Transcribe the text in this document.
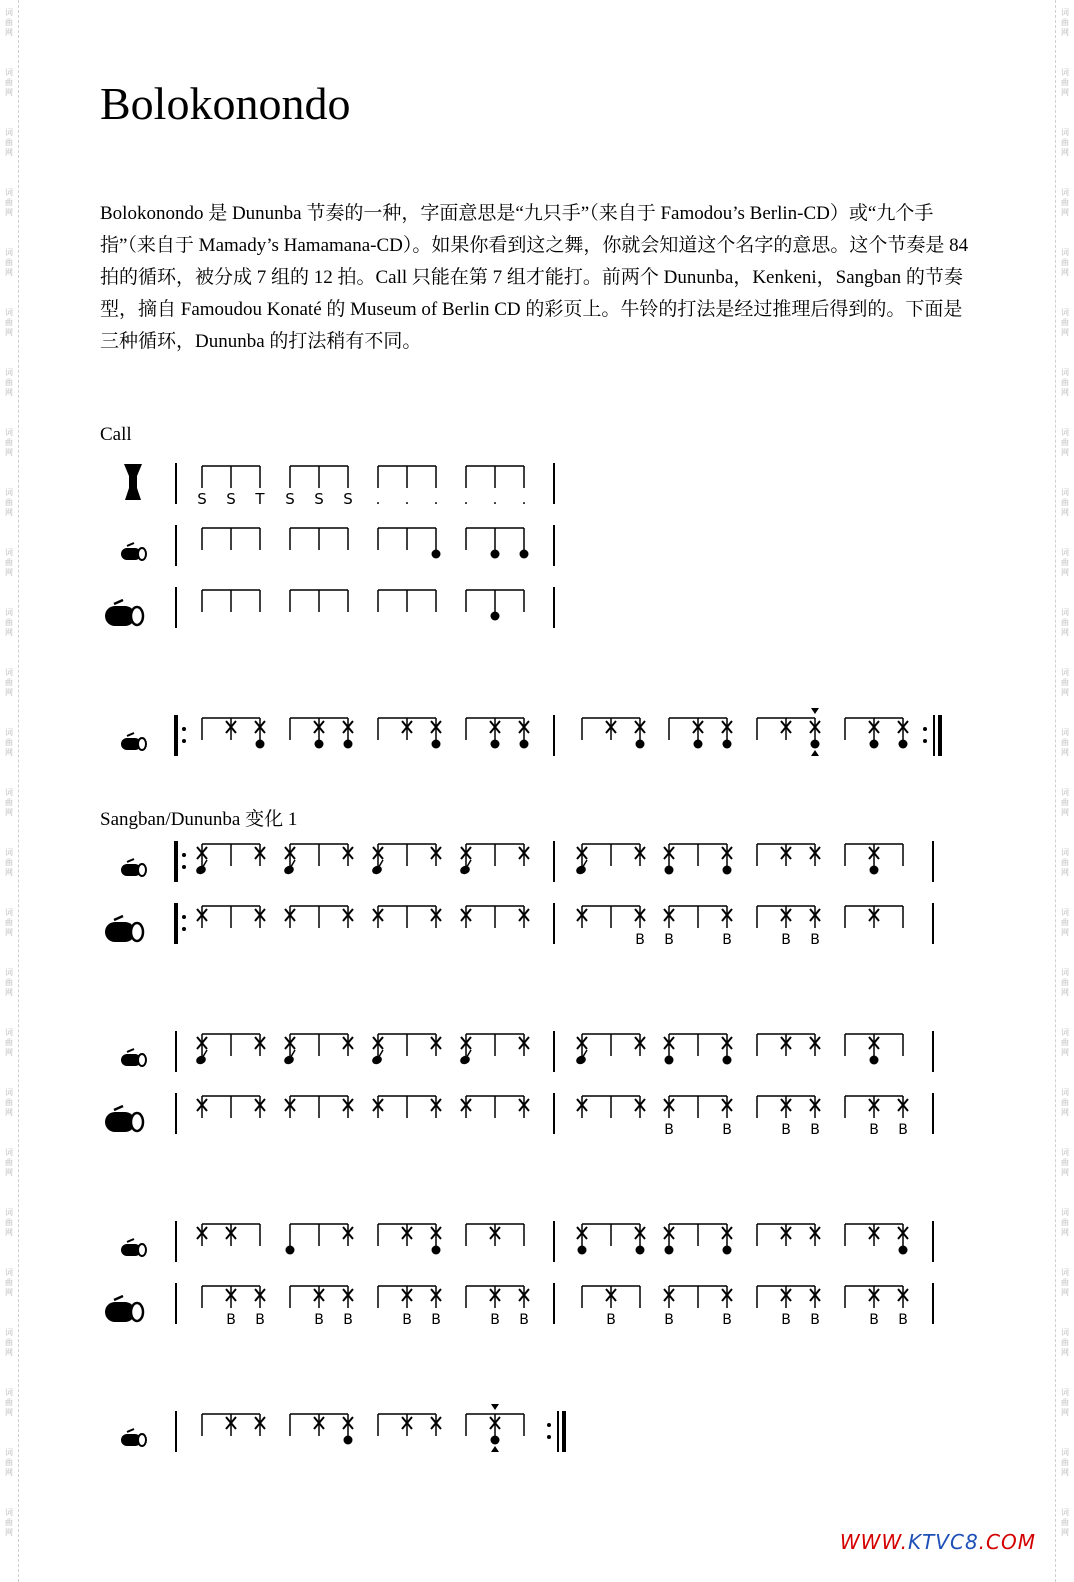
词
曲
网
词
曲
网
词
曲
网
词
曲
网
词
曲
网
词
曲
网
词
曲
网
词
曲
网
词
曲
网
词
曲
网
词
曲
网
词
曲
网
词
曲
网
词
曲
网
词
曲
网
词
曲
网
词
曲
网
词
曲
网
词
曲
网
词
曲
网
词
曲
网
词
曲
网
词
曲
网
词
曲
网
词
曲
网
词
曲
网
词
曲
网
词
曲
网
词
曲
网
词
曲
网
词
曲
网
词
曲
网
词
曲
网
词
曲
网
词
曲
网
词
曲
网
词
曲
网
词
曲
网
词
曲
网
词
曲
网
词
曲
网
词
曲
网
词
曲
网
词
曲
网
词
曲
网
词
曲
网
词
曲
网
词
曲
网
词
曲
网
词
曲
网
词
曲
网
词
曲
网
Bolokonondo

Bolokonondo 是 Dununba 节奏的一种，字面意思是“九只手”（来自于 Famodou’s Berlin-CD）或“九个手指”（来自于 Mamady’s Hamamana-CD）。如果你看到这之舞，你就会知道这个名字的意思。这个节奏是 84 拍的循环，被分成 7 组的 12 拍。Call 只能在第 7 组才能打。前两个 Dununba，Kenkeni，Sangban 的节奏型，摘自 Famoudou Konaté 的 Museum of Berlin CD 的彩页上。牛铃的打法是经过推理后得到的。下面是三种循环，Dununba 的打法稍有不同。

Call
Sangban/Dununba 变化 1
S S T S S S . . . . . .
B B	B	B B
B	B	B B	B B
B B	B B	B B	B B	B	B	B	B B	B B
WWW.KTVC8.COM
